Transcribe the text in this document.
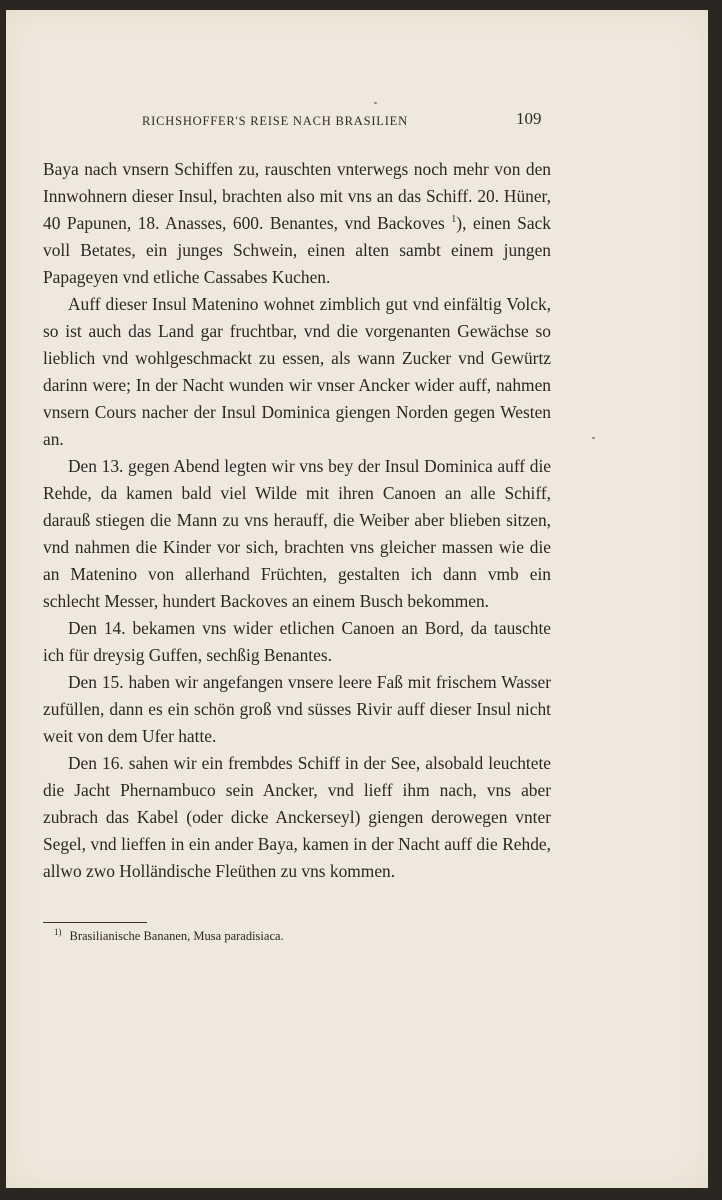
RICHSHOFFER'S REISE NACH BRASILIEN	109

Baya nach vnsern Schiffen zu, rauschten vnterwegs noch mehr von den Innwohnern dieser Insul, brachten also mit vns an das Schiff. 20. Hüner, 40 Papunen, 18. Anasses, 600. Benantes, vnd Backoves $^1$), einen Sack voll Betates, ein junges Schwein, einen alten sambt einem jungen Papageyen vnd etliche Cassabes Kuchen.

Auff dieser Insul Matenino wohnet zimblich gut vnd einfältig Volck, so ist auch das Land gar fruchtbar, vnd die vorgenanten Gewächse so lieblich vnd wohlgeschmackt zu essen, als wann Zucker vnd Gewürtz darinn were; In der Nacht wunden wir vnser Ancker wider auff, nahmen vnsern Cours nacher der Insul Dominica giengen Norden gegen Westen an.

Den 13. gegen Abend legten wir vns bey der Insul Dominica auff die Rehde, da kamen bald viel Wilde mit ihren Canoen an alle Schiff, darauß stiegen die Mann zu vns herauff, die Weiber aber blieben sitzen, vnd nahmen die Kinder vor sich, brachten vns gleicher massen wie die an Matenino von allerhand Früchten, gestalten ich dann vmb ein schlecht Messer, hundert Backoves an einem Busch bekommen.

Den 14. bekamen vns wider etlichen Canoen an Bord, da tauschte ich für dreysig Guffen, sechßig Benantes.

Den 15. haben wir angefangen vnsere leere Faß mit frischem Wasser zufüllen, dann es ein schön groß vnd süsses Rivir auff dieser Insul nicht weit von dem Ufer hatte.

Den 16. sahen wir ein frembdes Schiff in der See, alsobald leuchtete die Jacht Phernambuco sein Ancker, vnd lieff ihm nach, vns aber zubrach das Kabel (oder dicke Anckerseyl) giengen derowegen vnter Segel, vnd lieffen in ein ander Baya, kamen in der Nacht auff die Rehde, allwo zwo Holländische Fleüthen zu vns kommen.

$^{1)}$ Brasilianische Bananen, Musa paradisiaca.
